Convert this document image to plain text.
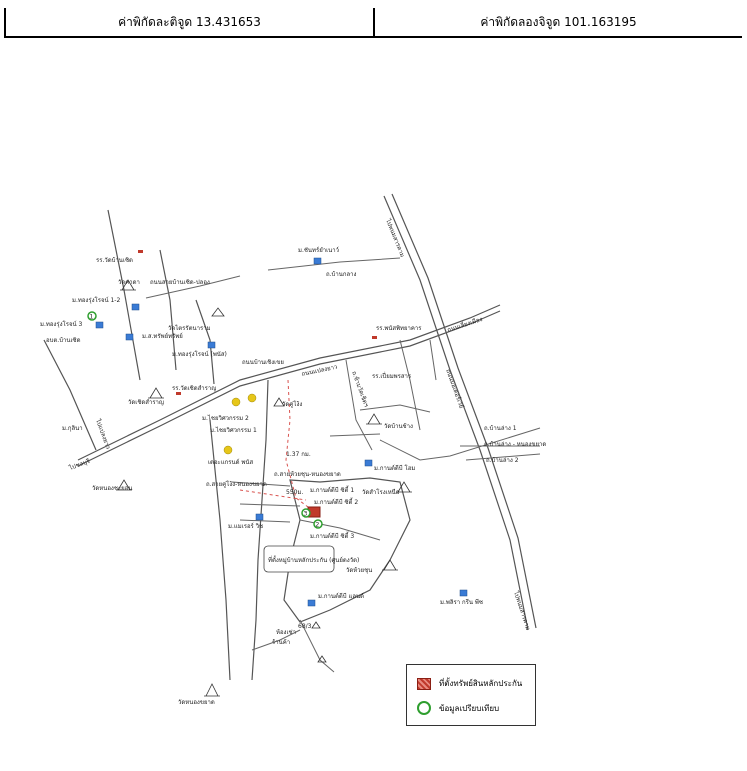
ค่าพิกัดละติจูด 13.431653	ค่าพิกัดลองจิจูด 101.163195
1
2
3
ไปพนมสารคาม
ถ.บ้านกลาง
ถนนเลี่ยงเมือง
ถนนแปลงยาว
ถนนสายบ้านเซิด-ปลอง
ถนนบ้านเชิงเขย
ไปชลบุรี
ไปแปลงยาว
ถนนมอเตอร์เวย์
ถ.บ้านล่าง 1
ถ.บ้านล่าง - หนองขยาด
ถ.บ้านล่าง 2
ไปพนมสารคาม
ถ.สายคู่โง้ง-หนองขยาด
ถ.สายห้วยชุน-หนองขยาด
ถ.ข้ามวัดเชิดฯ
รร.วัดบ้านเซิด
วัดคาดา
ม.ทองรุ่งโรจน์ 1-2
ม.ทองรุ่งโรจน์ 3
อบต.บ้านเซิด
ม.ส.ทรัพย์ทรัพย์
วัดไตรรัตนาราม
ม.ทองรุ่งโรจน์ (พนัส)
วัดเชิดสำราญ
รร.วัดเชิดสำราญ
ม.กุลินา
วัดหนองชะยอน
ม.ไชยวิศวกรรม 2
ม.ไชยวิศวกรรม 1
วัดคู่โง้ง
เดอะแกรนด์ พนัส
ม.ชันทร์ยำเนาว์
รร.พนัสพิทยาคาร
รร.เปี่ยมพรสาร
วัดบ้านช้าง
ม.กานต์ดีบี โฮม
วัดสำโรงเหนือ
ม.กานต์ดีบี ซิตี้ 1
ม.กานต์ดีบี ซิตี้ 2
ม.กานต์ดีบี ซิตี้ 3
ม.แมเรอร์ วิช
ที่ตั้งหมู่บ้านหลักประกัน (ศูนย์ดงวัด)
วัดห้วยชุน
ม.กานต์ดีบี แลนด์
68/3
ห้องเช่า
ร้านค้า
ม.พลิรา กรีน พีซ
วัดหนองขยาด
1.37 กม.
550ม.
ที่ตั้งทรัพย์สินหลักประกัน
ข้อมูลเปรียบเทียบ
